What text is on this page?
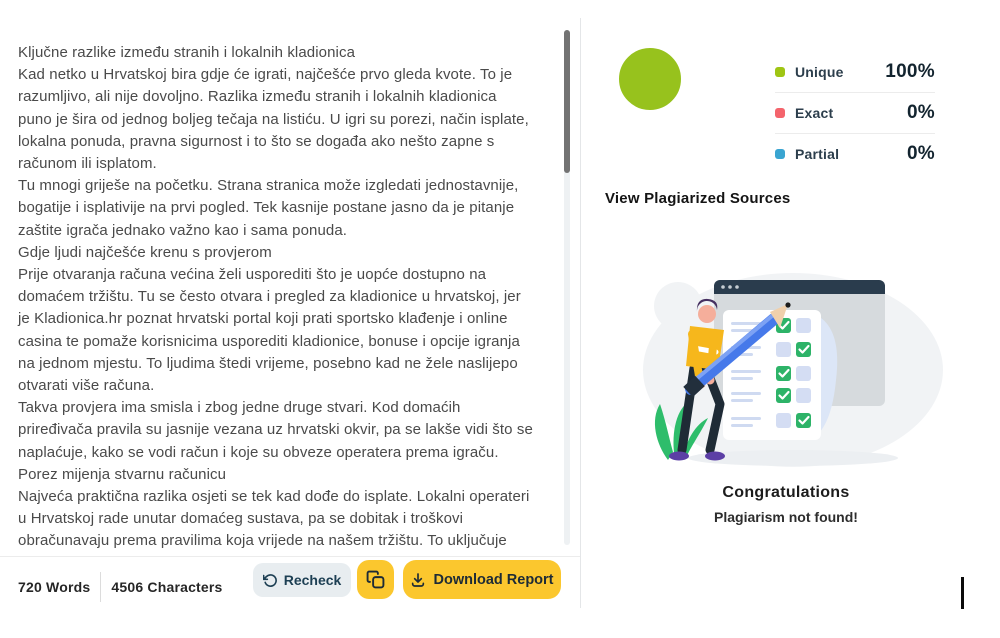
Ključne razlike između stranih i lokalnih kladionica
Kad netko u Hrvatskoj bira gdje će igrati, najčešće prvo gleda kvote. To je
razumljivo, ali nije dovoljno. Razlika između stranih i lokalnih kladionica
puno je šira od jednog boljeg tečaja na listiću. U igri su porezi, način isplate,
lokalna ponuda, pravna sigurnost i to što se događa ako nešto zapne s
računom ili isplatom.
Tu mnogi griješe na početku. Strana stranica može izgledati jednostavnije,
bogatije i isplativije na prvi pogled. Tek kasnije postane jasno da je pitanje
zaštite igrača jednako važno kao i sama ponuda.
Gdje ljudi najčešće krenu s provjerom
Prije otvaranja računa većina želi usporediti što je uopće dostupno na
domaćem tržištu. Tu se često otvara i pregled za kladionice u hrvatskoj, jer
je Kladionica.hr poznat hrvatski portal koji prati sportsko klađenje i online
casina te pomaže korisnicima usporediti kladionice, bonuse i opcije igranja
na jednom mjestu. To ljudima štedi vrijeme, posebno kad ne žele naslijepo
otvarati više računa.
Takva provjera ima smisla i zbog jedne druge stvari. Kod domaćih
priređivača pravila su jasnije vezana uz hrvatski okvir, pa se lakše vidi što se
naplaćuje, kako se vodi račun i koje su obveze operatera prema igraču.
Porez mijenja stvarnu računicu
Najveća praktična razlika osjeti se tek kad dođe do isplate. Lokalni operateri
u Hrvatskoj rade unutar domaćeg sustava, pa se dobitak i troškovi
obračunavaju prema pravilima koja vrijede na našem tržištu. To uključuje
720 Words 4506 Characters	Recheck	Download Report
Unique	100%
Exact	0%
Partial	0%
View Plagiarized Sources
Congratulations
Plagiarism not found!
